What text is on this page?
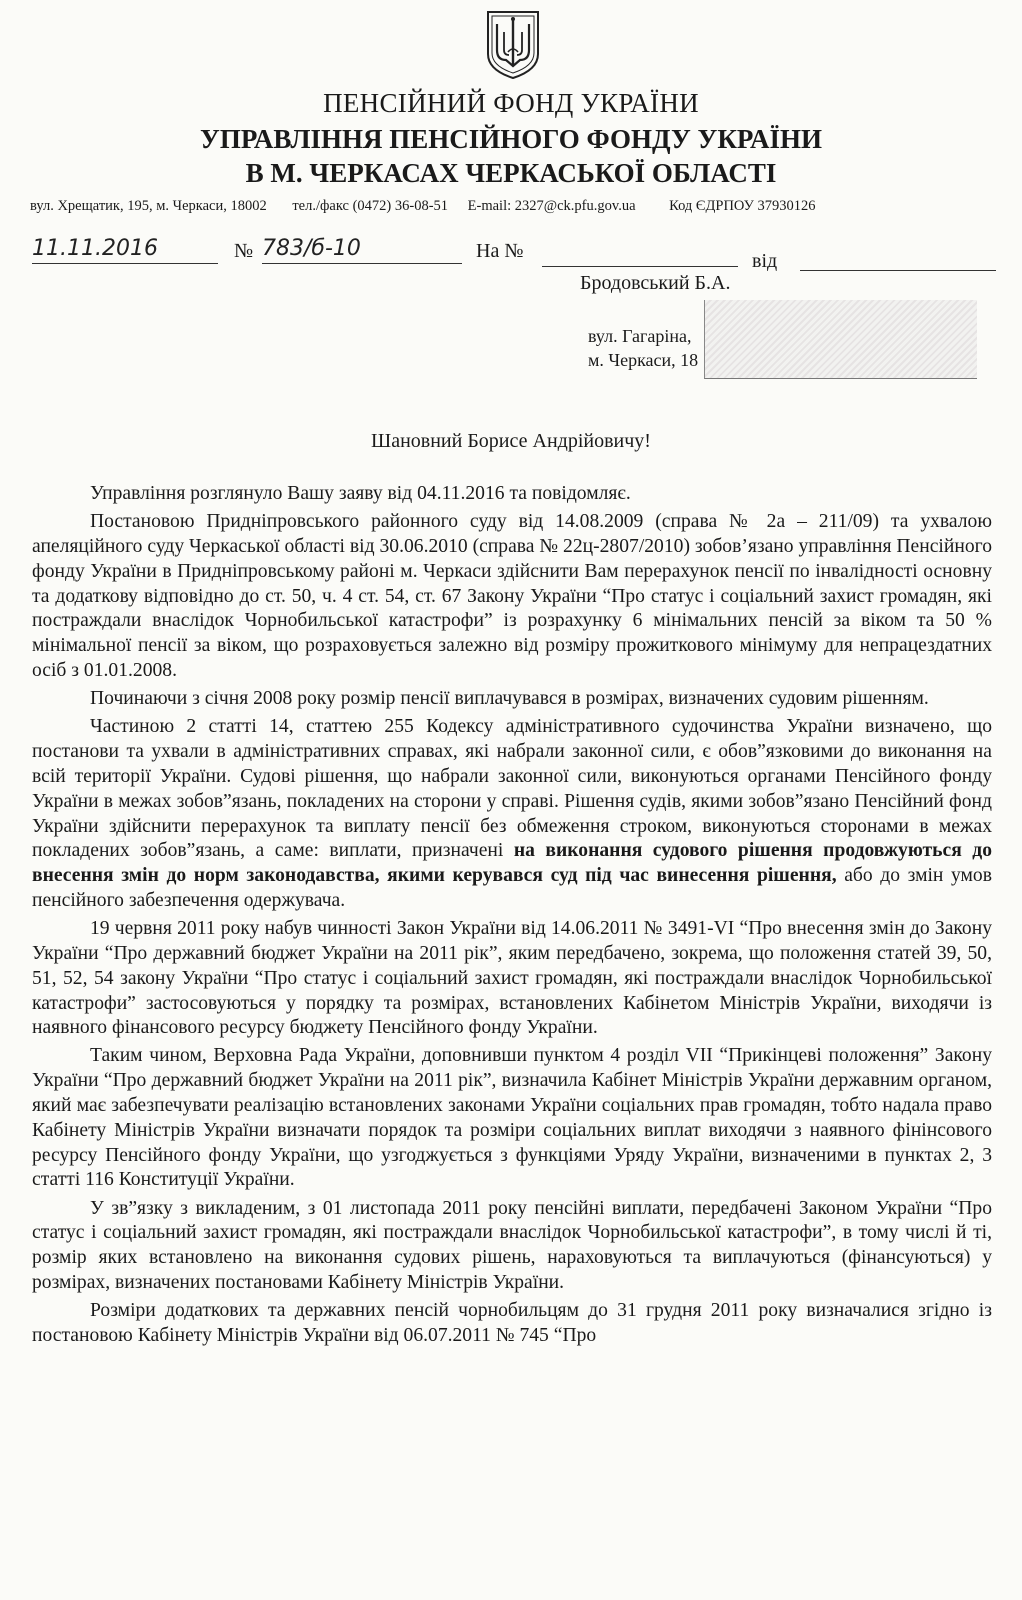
ПЕНСІЙНИЙ ФОНД УКРАЇНИ
УПРАВЛІННЯ ПЕНСІЙНОГО ФОНДУ УКРАЇНИ
В М. ЧЕРКАСАХ ЧЕРКАСЬКОЇ ОБЛАСТІ
вул. Хрещатик, 195, м. Черкаси, 18002 тел./факс (0472) 36-08-51 E-mail: 2327@ck.pfu.gov.ua Код ЄДРПОУ 37930126
11.11.2016	№ 783/б-10	На №	від
Бродовський Б.А.
вул. Гагаріна,
м. Черкаси, 18
Шановний Борисе Андрійовичу!

Управління розглянуло Вашу заяву від 04.11.2016 та повідомляє.

Постановою Придніпровського районного суду від 14.08.2009 (справа № 2а – 211/09) та ухвалою апеляційного суду Черкаської області від 30.06.2010 (справа № 22ц-2807/2010) зобов’язано управління Пенсійного фонду України в Придніпровському районі м. Черкаси здійснити Вам перерахунок пенсії по інвалідності основну та додаткову відповідно до ст. 50, ч. 4 ст. 54, ст. 67 Закону України “Про статус і соціальний захист громадян, які постраждали внаслідок Чорнобильської катастрофи” із розрахунку 6 мінімальних пенсій за віком та 50 % мінімальної пенсії за віком, що розраховується залежно від розміру прожиткового мінімуму для непрацездатних осіб з 01.01.2008.

Починаючи з січня 2008 року розмір пенсії виплачувався в розмірах, визначених судовим рішенням.

Частиною 2 статті 14, статтею 255 Кодексу адміністративного судочинства України визначено, що постанови та ухвали в адміністративних справах, які набрали законної сили, є обов”язковими до виконання на всій території України. Судові рішення, що набрали законної сили, виконуються органами Пенсійного фонду України в межах зобов”язань, покладених на сторони у справі. Рішення судів, якими зобов”язано Пенсійний фонд України здійснити перерахунок та виплату пенсії без обмеження строком, виконуються сторонами в межах покладених зобов”язань, а саме: виплати, призначені на виконання судового рішення продовжуються до внесення змін до норм законодавства, якими керувався суд під час винесення рішення, або до змін умов пенсійного забезпечення одержувача.

19 червня 2011 року набув чинності Закон України від 14.06.2011 № 3491-VI “Про внесення змін до Закону України “Про державний бюджет України на 2011 рік”, яким передбачено, зокрема, що положення статей 39, 50, 51, 52, 54 закону України “Про статус і соціальний захист громадян, які постраждали внаслідок Чорнобильської катастрофи” застосовуються у порядку та розмірах, встановлених Кабінетом Міністрів України, виходячи із наявного фінансового ресурсу бюджету Пенсійного фонду України.

Таким чином, Верховна Рада України, доповнивши пунктом 4 розділ VII “Прикінцеві положення” Закону України “Про державний бюджет України на 2011 рік”, визначила Кабінет Міністрів України державним органом, який має забезпечувати реалізацію встановлених законами України соціальних прав громадян, тобто надала право Кабінету Міністрів України визначати порядок та розміри соціальних виплат виходячи з наявного фінінсового ресурсу Пенсійного фонду України, що узгоджується з функціями Уряду України, визначеними в пунктах 2, 3 статті 116 Конституції України.

У зв”язку з викладеним, з 01 листопада 2011 року пенсійні виплати, передбачені Законом України “Про статус і соціальний захист громадян, які постраждали внаслідок Чорнобильської катастрофи”, в тому числі й ті, розмір яких встановлено на виконання судових рішень, нараховуються та виплачуються (фінансуються) у розмірах, визначених постановами Кабінету Міністрів України.

Розміри додаткових та державних пенсій чорнобильцям до 31 грудня 2011 року визначалися згідно із постановою Кабінету Міністрів України від 06.07.2011 № 745 “Про
